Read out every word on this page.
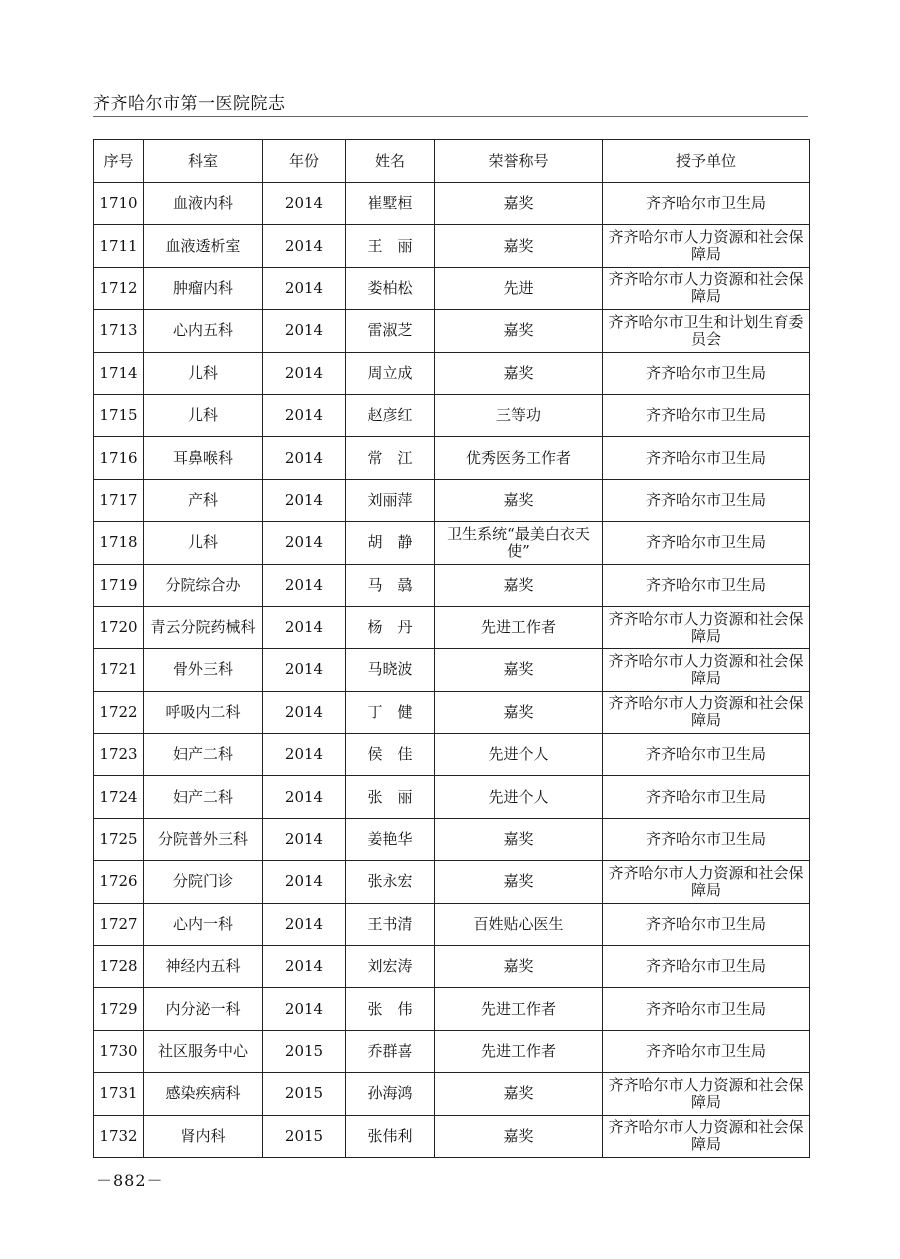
齐齐哈尔市第一医院院志
序号	科室	年份	姓名	荣誉称号	授予单位
1710	血液内科	2014	崔墅桓	嘉奖	齐齐哈尔市卫生局
1711	血液透析室	2014	王　丽	嘉奖	齐齐哈尔市人力资源和社会保障局
1712	肿瘤内科	2014	娄柏松	先进	齐齐哈尔市人力资源和社会保障局
1713	心内五科	2014	雷淑芝	嘉奖	齐齐哈尔市卫生和计划生育委员会
1714	儿科	2014	周立成	嘉奖	齐齐哈尔市卫生局
1715	儿科	2014	赵彦红	三等功	齐齐哈尔市卫生局
1716	耳鼻喉科	2014	常　江	优秀医务工作者	齐齐哈尔市卫生局
1717	产科	2014	刘丽萍	嘉奖	齐齐哈尔市卫生局
1718	儿科	2014	胡　静	卫生系统“最美白衣天使”	齐齐哈尔市卫生局
1719	分院综合办	2014	马　骉	嘉奖	齐齐哈尔市卫生局
1720	青云分院药械科	2014	杨　丹	先进工作者	齐齐哈尔市人力资源和社会保障局
1721	骨外三科	2014	马晓波	嘉奖	齐齐哈尔市人力资源和社会保障局
1722	呼吸内二科	2014	丁　健	嘉奖	齐齐哈尔市人力资源和社会保障局
1723	妇产二科	2014	侯　佳	先进个人	齐齐哈尔市卫生局
1724	妇产二科	2014	张　丽	先进个人	齐齐哈尔市卫生局
1725	分院普外三科	2014	姜艳华	嘉奖	齐齐哈尔市卫生局
1726	分院门诊	2014	张永宏	嘉奖	齐齐哈尔市人力资源和社会保障局
1727	心内一科	2014	王书清	百姓贴心医生	齐齐哈尔市卫生局
1728	神经内五科	2014	刘宏涛	嘉奖	齐齐哈尔市卫生局
1729	内分泌一科	2014	张　伟	先进工作者	齐齐哈尔市卫生局
1730	社区服务中心	2015	乔群喜	先进工作者	齐齐哈尔市卫生局
1731	感染疾病科	2015	孙海鸿	嘉奖	齐齐哈尔市人力资源和社会保障局
1732	肾内科	2015	张伟利	嘉奖	齐齐哈尔市人力资源和社会保障局
－882－
